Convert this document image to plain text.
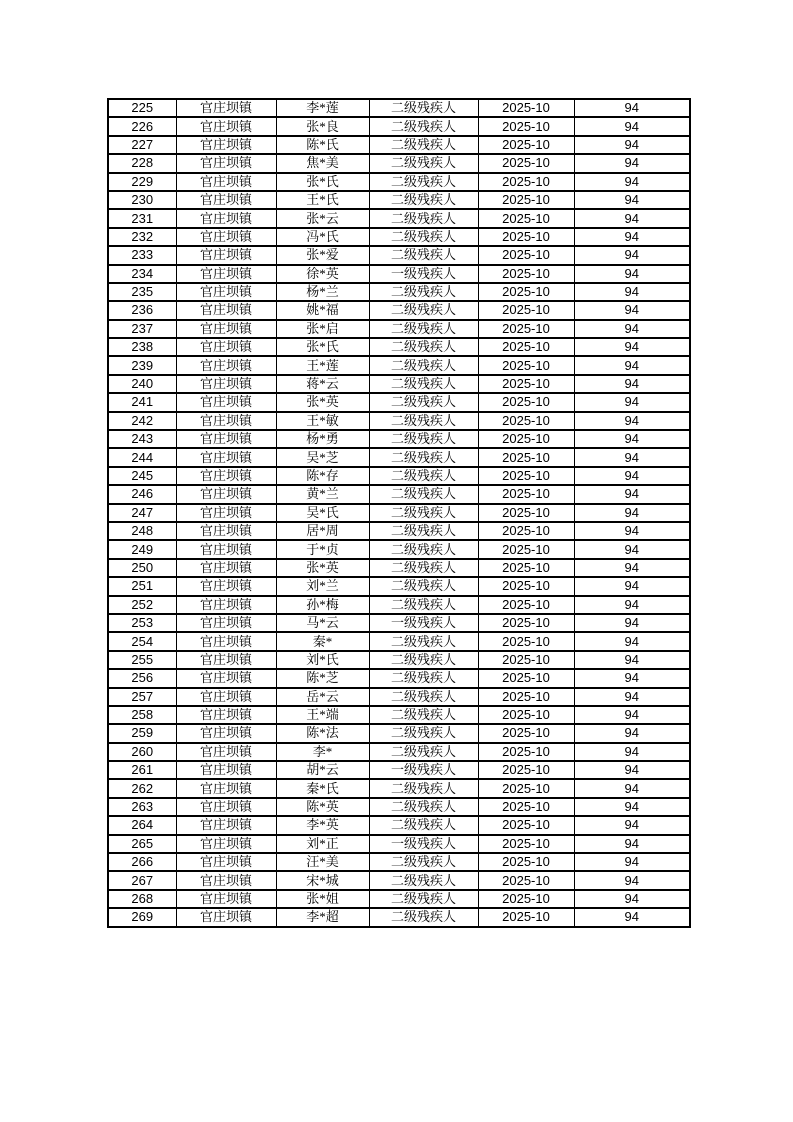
225	官庄坝镇	李*莲	二级残疾人	2025-10	94
226	官庄坝镇	张*良	二级残疾人	2025-10	94
227	官庄坝镇	陈*氏	二级残疾人	2025-10	94
228	官庄坝镇	焦*美	二级残疾人	2025-10	94
229	官庄坝镇	张*氏	二级残疾人	2025-10	94
230	官庄坝镇	王*氏	二级残疾人	2025-10	94
231	官庄坝镇	张*云	二级残疾人	2025-10	94
232	官庄坝镇	冯*氏	二级残疾人	2025-10	94
233	官庄坝镇	张*爱	二级残疾人	2025-10	94
234	官庄坝镇	徐*英	一级残疾人	2025-10	94
235	官庄坝镇	杨*兰	二级残疾人	2025-10	94
236	官庄坝镇	姚*福	二级残疾人	2025-10	94
237	官庄坝镇	张*启	二级残疾人	2025-10	94
238	官庄坝镇	张*氏	二级残疾人	2025-10	94
239	官庄坝镇	王*莲	二级残疾人	2025-10	94
240	官庄坝镇	蒋*云	二级残疾人	2025-10	94
241	官庄坝镇	张*英	二级残疾人	2025-10	94
242	官庄坝镇	王*敏	二级残疾人	2025-10	94
243	官庄坝镇	杨*勇	二级残疾人	2025-10	94
244	官庄坝镇	吴*芝	二级残疾人	2025-10	94
245	官庄坝镇	陈*存	二级残疾人	2025-10	94
246	官庄坝镇	黄*兰	二级残疾人	2025-10	94
247	官庄坝镇	吴*氏	二级残疾人	2025-10	94
248	官庄坝镇	居*周	二级残疾人	2025-10	94
249	官庄坝镇	于*贞	二级残疾人	2025-10	94
250	官庄坝镇	张*英	二级残疾人	2025-10	94
251	官庄坝镇	刘*兰	二级残疾人	2025-10	94
252	官庄坝镇	孙*梅	二级残疾人	2025-10	94
253	官庄坝镇	马*云	一级残疾人	2025-10	94
254	官庄坝镇	秦*	二级残疾人	2025-10	94
255	官庄坝镇	刘*氏	二级残疾人	2025-10	94
256	官庄坝镇	陈*芝	二级残疾人	2025-10	94
257	官庄坝镇	岳*云	二级残疾人	2025-10	94
258	官庄坝镇	王*端	二级残疾人	2025-10	94
259	官庄坝镇	陈*法	二级残疾人	2025-10	94
260	官庄坝镇	李*	二级残疾人	2025-10	94
261	官庄坝镇	胡*云	一级残疾人	2025-10	94
262	官庄坝镇	秦*氏	二级残疾人	2025-10	94
263	官庄坝镇	陈*英	二级残疾人	2025-10	94
264	官庄坝镇	李*英	二级残疾人	2025-10	94
265	官庄坝镇	刘*正	一级残疾人	2025-10	94
266	官庄坝镇	汪*美	二级残疾人	2025-10	94
267	官庄坝镇	宋*城	二级残疾人	2025-10	94
268	官庄坝镇	张*姐	二级残疾人	2025-10	94
269	官庄坝镇	李*超	二级残疾人	2025-10	94
